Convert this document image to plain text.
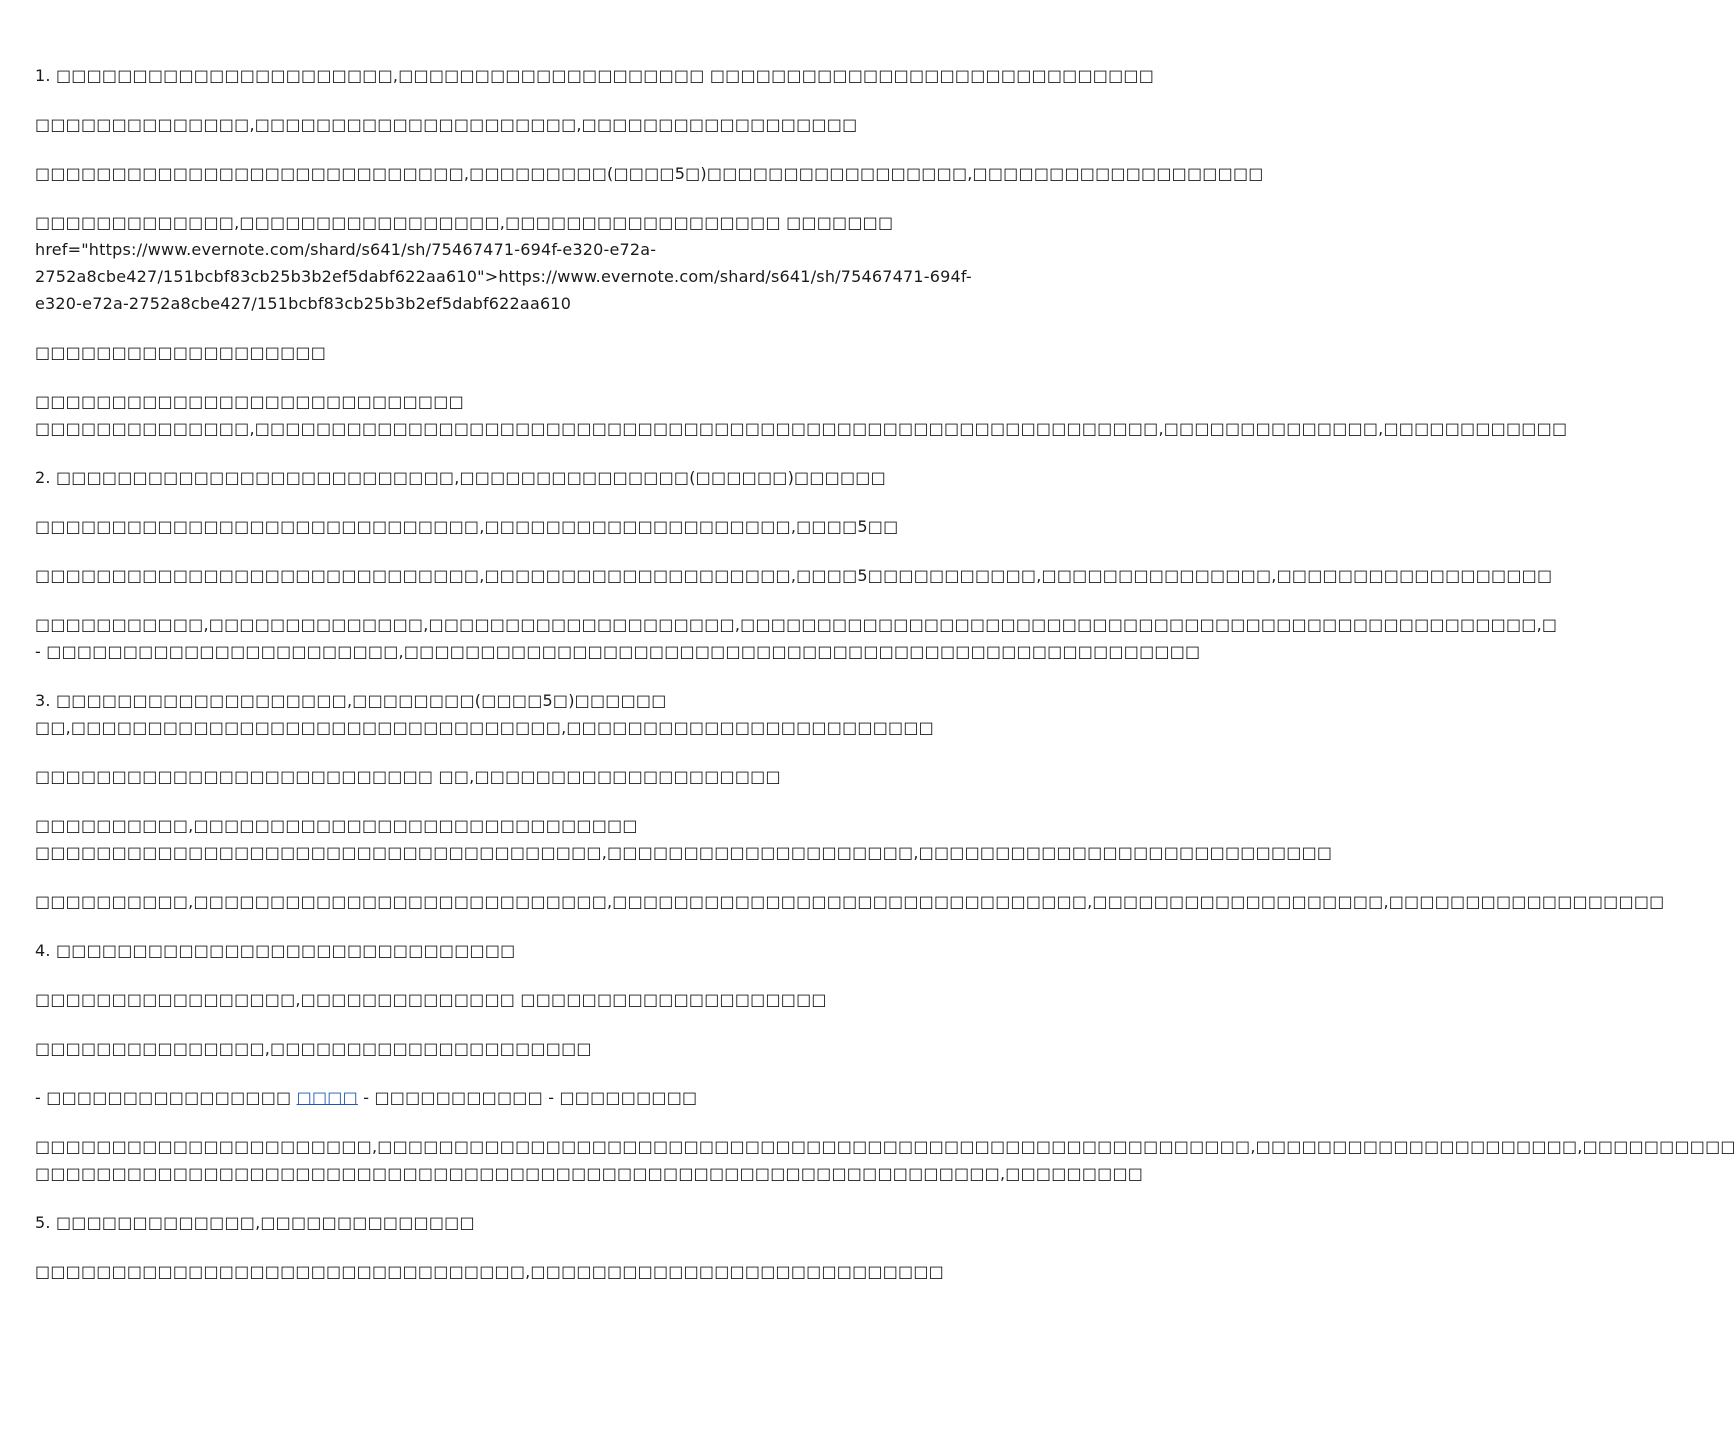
1. □□□□□□□□□□□□□□□□□□□□□□,□□□□□□□□□□□□□□□□□□□□ □□□□□□□□□□□□□□□□□□□□□□□□□□□□□

□□□□□□□□□□□□□□,□□□□□□□□□□□□□□□□□□□□□,□□□□□□□□□□□□□□□□□□

□□□□□□□□□□□□□□□□□□□□□□□□□□□□,□□□□□□□□□(□□□□5□)□□□□□□□□□□□□□□□□□,□□□□□□□□□□□□□□□□□□□

□□□□□□□□□□□□□,□□□□□□□□□□□□□□□□□,□□□□□□□□□□□□□□□□□□ □□□□□□□
href="https://www.evernote.com/shard/s641/sh/75467471-694f-e320-e72a-
2752a8cbe427/151bcbf83cb25b3b2ef5dabf622aa610">https://www.evernote.com/shard/s641/sh/75467471-694f-
e320-e72a-2752a8cbe427/151bcbf83cb25b3b2ef5dabf622aa610

□□□□□□□□□□□□□□□□□□□

□□□□□□□□□□□□□□□□□□□□□□□□□□□□
□□□□□□□□□□□□□□,□□□□□□□□□□□□□□□□□□□□□□□□□□□□□□□□□□□□□□□□□□□□□□□□□□□□□□□□□□□,□□□□□□□□□□□□□□,□□□□□□□□□□□□

2. □□□□□□□□□□□□□□□□□□□□□□□□□□,□□□□□□□□□□□□□□□(□□□□□□)□□□□□□

□□□□□□□□□□□□□□□□□□□□□□□□□□□□□,□□□□□□□□□□□□□□□□□□□□,□□□□5□□

□□□□□□□□□□□□□□□□□□□□□□□□□□□□□,□□□□□□□□□□□□□□□□□□□□,□□□□5□□□□□□□□□□□,□□□□□□□□□□□□□□□,□□□□□□□□□□□□□□□□□□

□□□□□□□□□□□,□□□□□□□□□□□□□□,□□□□□□□□□□□□□□□□□□□□,□□□□□□□□□□□□□□□□□□□□□□□□□□□□□□□□□□□□□□□□□□□□□□□□□□□□,□
- □□□□□□□□□□□□□□□□□□□□□□□,□□□□□□□□□□□□□□□□□□□□□□□□□□□□□□□□□□□□□□□□□□□□□□□□□□□□

3. □□□□□□□□□□□□□□□□□□□,□□□□□□□□(□□□□5□)□□□□□□
□□,□□□□□□□□□□□□□□□□□□□□□□□□□□□□□□□□,□□□□□□□□□□□□□□□□□□□□□□□□

□□□□□□□□□□□□□□□□□□□□□□□□□□ □□,□□□□□□□□□□□□□□□□□□□□

□□□□□□□□□□,□□□□□□□□□□□□□□□□□□□□□□□□□□□□□
□□□□□□□□□□□□□□□□□□□□□□□□□□□□□□□□□□□□□,□□□□□□□□□□□□□□□□□□□□,□□□□□□□□□□□□□□□□□□□□□□□□□□□

□□□□□□□□□□,□□□□□□□□□□□□□□□□□□□□□□□□□□□,□□□□□□□□□□□□□□□□□□□□□□□□□□□□□□□,□□□□□□□□□□□□□□□□□□□,□□□□□□□□□□□□□□□□□□

4. □□□□□□□□□□□□□□□□□□□□□□□□□□□□□□

□□□□□□□□□□□□□□□□□,□□□□□□□□□□□□□□ □□□□□□□□□□□□□□□□□□□□

□□□□□□□□□□□□□□□,□□□□□□□□□□□□□□□□□□□□□

- □□□□□□□□□□□□□□□□ □□□□ - □□□□□□□□□□□ - □□□□□□□□□

□□□□□□□□□□□□□□□□□□□□□□,□□□□□□□□□□□□□□□□□□□□□□□□□□□□□□□□□□□□□□□□□□□□□□□□□□□□□□□□□,□□□□□□□□□□□□□□□□□□□□□,□□□□□□□□□□
□□□□□□□□□□□□□□□□□□□□□□□□□□□□□□□□□□□□□□□□□□□□□□□□□□□□□□□□□□□□□□□,□□□□□□□□□

5. □□□□□□□□□□□□□,□□□□□□□□□□□□□□

□□□□□□□□□□□□□□□□□□□□□□□□□□□□□□□□,□□□□□□□□□□□□□□□□□□□□□□□□□□□
